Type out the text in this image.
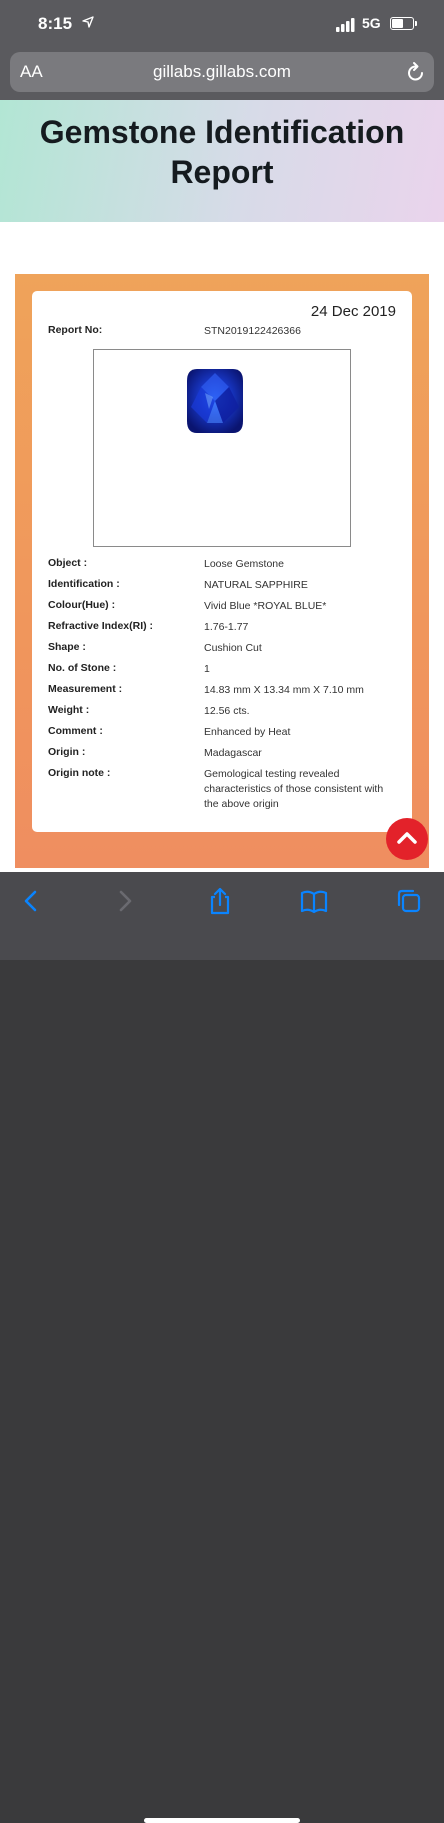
8:15	5G
AA	gillabs.gillabs.com
Gemstone Identification Report
24 Dec 2019
Report No:	STN2019122426366
Object :	Loose Gemstone
Identification :	NATURAL SAPPHIRE
Colour(Hue) :	Vivid Blue *ROYAL BLUE*
Refractive Index(RI) :	1.76-1.77
Shape :	Cushion Cut
No. of Stone :	1
Measurement :	14.83 mm X 13.34 mm X 7.10 mm
Weight :	12.56 cts.
Comment :	Enhanced by Heat
Origin :	Madagascar
Origin note :	Gemological testing revealed characteristics of those consistent with the above origin
